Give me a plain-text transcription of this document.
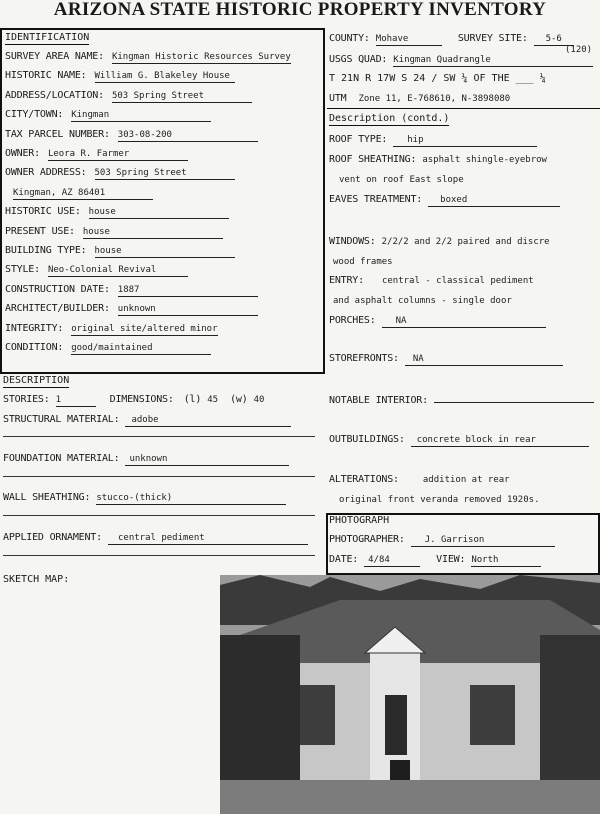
ARIZONA STATE HISTORIC PROPERTY INVENTORY
IDENTIFICATION
SURVEY AREA NAME: Kingman Historic Resources Survey
HISTORIC NAME: William G. Blakeley House
ADDRESS/LOCATION: 503 Spring Street
CITY/TOWN: Kingman
TAX PARCEL NUMBER: 303-08-200
OWNER: Leora R. Farmer
OWNER ADDRESS: 503 Spring Street
Kingman, AZ 86401
HISTORIC USE: house
PRESENT USE: house
BUILDING TYPE: house
STYLE: Neo-Colonial Revival
CONSTRUCTION DATE: 1887
ARCHITECT/BUILDER: unknown
INTEGRITY: original site/altered minor
CONDITION: good/maintained
COUNTY: Mohave	SURVEY SITE: 5-6
(120)
USGS QUAD: Kingman Quadrangle
T 21N R 17W S 24 / SW ¼ OF THE ___ ¼
UTM Zone 11, E-768610, N-3898080
Description (contd.)
ROOF TYPE: hip
ROOF SHEATHING: asphalt shingle-eyebrow
vent on roof East slope
EAVES TREATMENT: boxed
WINDOWS: 2/2/2 and 2/2 paired and discre
wood frames
ENTRY: central - classical pediment
and asphalt columns - single door
PORCHES: NA
STOREFRONTS: NA
NOTABLE INTERIOR:
OUTBUILDINGS: concrete block in rear
ALTERATIONS:	addition at rear
original front veranda removed 1920s.
DESCRIPTION
STORIES: 1	DIMENSIONS: (l) 45 (w) 40
STRUCTURAL MATERIAL: adobe
FOUNDATION MATERIAL: unknown
WALL SHEATHING: stucco-(thick)
APPLIED ORNAMENT: central pediment
PHOTOGRAPH
PHOTOGRAPHER: J. Garrison
DATE: 4/84	VIEW: North
SKETCH MAP:
